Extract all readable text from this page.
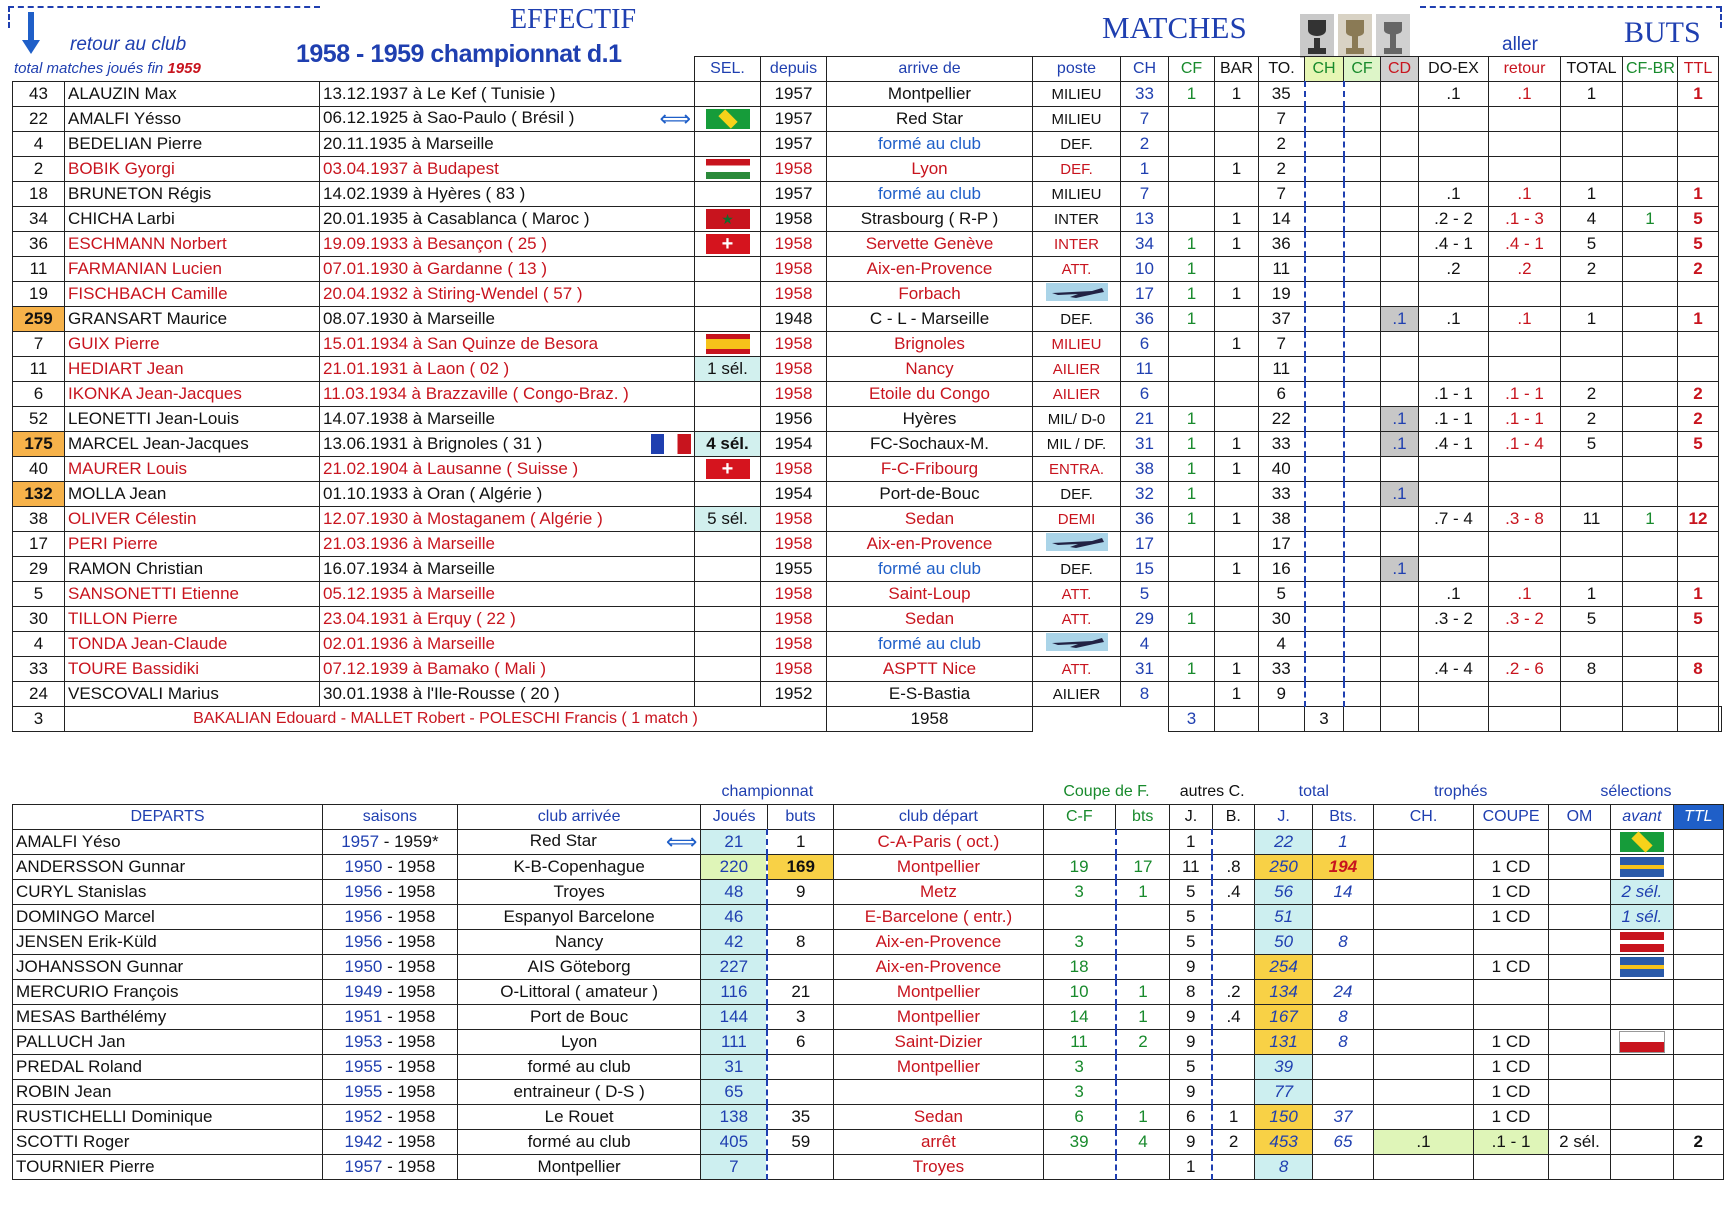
retour au club
total matches joués fin 1959
EFFECTIF
1958 - 1959 championnat d.1
MATCHES	aller	BUTS
			SEL.	depuis	arrive de	poste	CH	CF	BAR	TO.	CH	CF	CD	DO-EX	retour	TOTAL	CF-BR	TTL	
43	ALAUZIN Max	13.12.1937 à Le Kef ( Tunisie )		1957	Montpellier	MILIEU	33	1	1	35				.1	.1	1		1	
22	AMALFI Yésso	06.12.1925 à Sao-Paulo ( Brésil ) ⟺		1957	Red Star	MILIEU	7			7									
4	BEDELIAN Pierre	20.11.1935 à Marseille		1957	formé au club	DEF.	2			2									
2	BOBIK Gyorgi	03.04.1937 à Budapest		1958	Lyon	DEF.	1		1	2									
18	BRUNETON Régis	14.02.1939 à Hyères ( 83 )		1957	formé au club	MILIEU	7			7				.1	.1	1		1	
34	CHICHA Larbi	20.01.1935 à Casablanca ( Maroc )	★	1958	Strasbourg ( R-P )	INTER	13		1	14				.2 - 2	.1 - 3	4	1	5	
36	ESCHMANN Norbert	19.09.1933 à Besançon ( 25 )	+	1958	Servette Genève	INTER	34	1	1	36				.4 - 1	.4 - 1	5		5	
11	FARMANIAN Lucien	07.01.1930 à Gardanne ( 13 )		1958	Aix-en-Provence	ATT.	10	1		11				.2	.2	2		2	
19	FISCHBACH Camille	20.04.1932 à Stiring-Wendel ( 57 )		1958	Forbach		17	1	1	19									
259	GRANSART Maurice	08.07.1930 à Marseille		1948	C - L - Marseille	DEF.	36	1		37			.1	.1	.1	1		1	
7	GUIX Pierre	15.01.1934 à San Quinze de Besora		1958	Brignoles	MILIEU	6		1	7									
11	HEDIART Jean	21.01.1931 à Laon ( 02 )	1 sél.	1958	Nancy	AILIER	11			11									
6	IKONKA Jean-Jacques	11.03.1934 à Brazzaville ( Congo-Braz. )		1958	Etoile du Congo	AILIER	6			6				.1 - 1	.1 - 1	2		2	
52	LEONETTI Jean-Louis	14.07.1938 à Marseille		1956	Hyères	MIL/ D-0	21	1		22			.1	.1 - 1	.1 - 1	2		2	
175	MARCEL Jean-Jacques	13.06.1931 à Brignoles ( 31 )	4 sél.	1954	FC-Sochaux-M.	MIL / DF.	31	1	1	33			.1	.4 - 1	.1 - 4	5		5	
40	MAURER Louis	21.02.1904 à Lausanne ( Suisse )	+	1958	F-C-Fribourg	ENTRA.	38	1	1	40									
132	MOLLA Jean	01.10.1933 à Oran ( Algérie )		1954	Port-de-Bouc	DEF.	32	1		33			.1						
38	OLIVER Célestin	12.07.1930 à Mostaganem ( Algérie )	5 sél.	1958	Sedan	DEMI	36	1	1	38				.7 - 4	.3 - 8	11	1	12	
17	PERI Pierre	21.03.1936 à Marseille		1958	Aix-en-Provence		17			17									
29	RAMON Christian	16.07.1934 à Marseille		1955	formé au club	DEF.	15		1	16			.1						
5	SANSONETTI Etienne	05.12.1935 à Marseille		1958	Saint-Loup	ATT.	5			5				.1	.1	1		1	
30	TILLON Pierre	23.04.1931 à Erquy ( 22 )		1958	Sedan	ATT.	29	1		30				.3 - 2	.3 - 2	5		5	
4	TONDA Jean-Claude	02.01.1936 à Marseille		1958	formé au club		4			4									
33	TOURE Bassidiki	07.12.1939 à Bamako ( Mali )		1958	ASPTT Nice	ATT.	31	1	1	33				.4 - 4	.2 - 6	8		8	
24	VESCOVALI Marius	30.01.1938 à l'Ile-Rousse ( 20 )		1952	E-S-Bastia	AILIER	8		1	9									
3	BAKALIAN Edouard - MALLET Robert - POLESCHI Francis ( 1 match )				1958			3			3								
			championnat			Coupe de F.		autres C.		total		trophés		sélections		
DEPARTS	saisons	club arrivée	Joués	buts	club départ	C-F	bts	J.	B.	J.	Bts.	CH.	COUPE	OM	avant	TTL
AMALFI Yéso	1957 - 1959*	Red Star ⟺	21	1	C-A-Paris ( oct.)			1		22	1				

ANDERSSON Gunnar	1950 - 1958	K-B-Copenhague	220	169	Montpellier	19	17	11	.8	250	194		1 CD			
CURYL Stanislas	1956 - 1958	Troyes	48	9	Metz	3	1	5	.4	56	14		1 CD		2 sél.	
DOMINGO Marcel	1956 - 1958	Espanyol Barcelone	46		E-Barcelone ( entr.)			5		51			1 CD		1 sél.	
JENSEN Erik-Küld	1956 - 1958	Nancy	42	8	Aix-en-Provence	3		5		50	8					
JOHANSSON Gunnar	1950 - 1958	AIS Göteborg	227		Aix-en-Provence	18		9		254			1 CD			
MERCURIO François	1949 - 1958	O-Littoral ( amateur )	116	21	Montpellier	10	1	8	.2	134	24					
MESAS Barthélémy	1951 - 1958	Port de Bouc	144	3	Montpellier	14	1	9	.4	167	8					
PALLUCH Jan	1953 - 1958	Lyon	111	6	Saint-Dizier	11	2	9		131	8		1 CD			
PREDAL Roland	1955 - 1958	formé au club	31		Montpellier	3		5		39			1 CD			
ROBIN Jean	1955 - 1958	entraineur ( D-S )	65			3		9		77			1 CD			
RUSTICHELLI Dominique	1952 - 1958	Le Rouet	138	35	Sedan	6	1	6	1	150	37		1 CD			
SCOTTI Roger	1942 - 1958	formé au club	405	59	arrêt	39	4	9	2	453	65	.1	.1 - 1	2 sél.		2
TOURNIER Pierre	1957 - 1958	Montpellier	7		Troyes			1		8						
